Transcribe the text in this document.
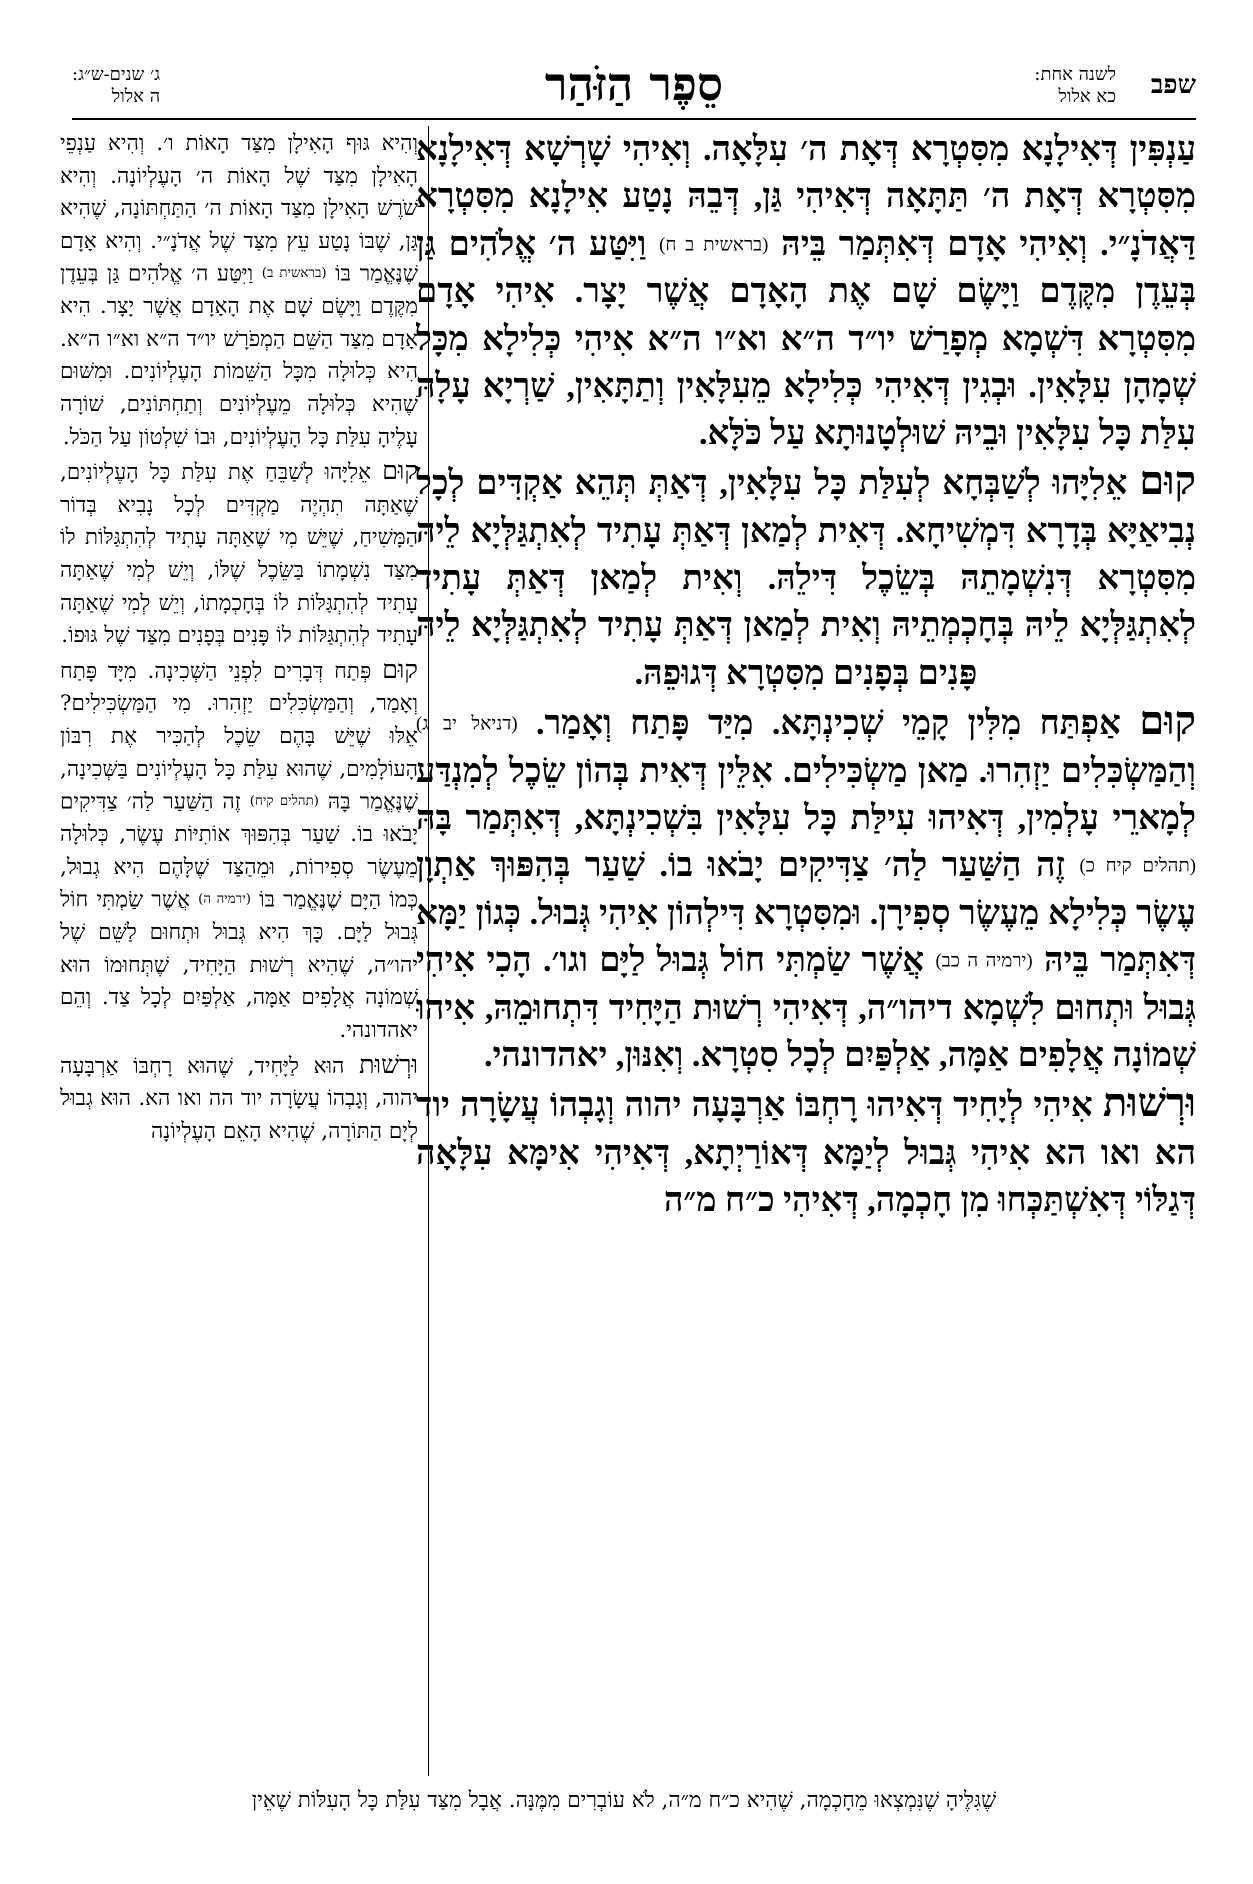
שפב
לשנה אחת:
כא אלול
סֵפֶר הַזֹּהַר
ג׳ שנים-ש״ג:
ה אלול

עַנְפִּין דְּאִילָנָא מִסִּטְרָא דְּאָת ה׳ עִלָּאָה. וְאִיהִי שָׁרְשָׁא דְּאִילָנָא מִסִּטְרָא דְּאָת ה׳ תַּתָּאָה דְּאִיהִי גַּן, דְּבֵהּ נָטַע אִילָנָא מִסִּטְרָא דַּאֲדֹנָ״י. וְאִיהִי אָדָם דְּאִתְּמַר בֵּיהּ (בראשית ב ח) וַיִּטַּע ה׳ אֱלֹהִים גַּן בְּעֵדֶן מִקֶּדֶם וַיָּשֶׂם שָׁם אֶת הָאָדָם אֲשֶׁר יָצָר. אִיהִי אָדָם מִסִּטְרָא דִּשְׁמָא מְפָרַשׁ יו״ד ה״א וא״ו ה״א אִיהִי כְּלִילָא מִכָּל שְׁמָהָן עִלָּאִין. וּבְגִין דְּאִיהִי כְּלִילָא מֵעִלָּאִין וְתַתָּאִין, שַׁרְיָא עָלָהּ עִלַּת כָּל עִלָּאִין וּבֵיהּ שׁוּלְטָנוּתָא עַל כֹּלָּא.

קוּם אֵלִיָּהוּ לְשַׁבְּחָא לְעִלַּת כָּל עִלָּאִין, דְּאַתְּ תְּהֵא אַקְדִּים לְכָל נְבִיאַיָּא בְּדָרָא דִּמְשִׁיחָא. דְּאִית לְמַאן דְּאַתְּ עָתִיד לְאִתְגַּלְּיָא לֵיהּ מִסִּטְרָא דְּנִשְׁמָתֵהּ בְּשֵׂכֶל דִּילֵהּ. וְאִית לְמַאן דְּאַתְּ עָתִיד לְאִתְגַּלְּיָא לֵיהּ בְּחָכְמְתֵיהּ וְאִית לְמַאן דְּאַתְּ עָתִיד לְאִתְגַּלְּיָא לֵיהּ פָּנִים בְּפָנִים מִסִּטְרָא דְּגוּפֵהּ.

קוּם אַפְתַּח מִלִּין קָמֵי שְׁכִינְתָּא. מִיַּד פָּתַח וְאָמַר. (דניאל יב ג) וְהַמַּשְׂכִּלִים יַזְהִרוּ. מַאן מַשְׂכִּילִים. אִלֵּין דְּאִית בְּהוֹן שֵׂכֶל לְמִנְדַּע לְמָארֵי עָלְמִין, דְּאִיהוּ עִילַּת כָּל עִלָּאִין בִּשְׁכִינְתָּא, דְּאִתְּמַר בָּהּ (תהלים קיח כ) זֶה הַשַּׁעַר לַה׳ צַדִּיקִים יָבֹאוּ בוֹ. שַׁעַר בְּהִפּוּךְ אַתְוָן עֶשֶׂר כְּלִילָא מֵעֶשֶׂר סְפִירָן. וּמִסִּטְרָא דִּילְהוֹן אִיהִי גְּבוּל. כְּגוֹן יַמָּא דְּאִתְּמַר בֵּיהּ (ירמיה ה כב) אֲשֶׁר שַׂמְתִּי חוֹל גְּבוּל לַיָּם וגו׳. הָכִי אִיהִי גְּבוּל וּתְחוּם לִשְׁמָא דיהו״ה, דְּאִיהִי רְשׁוּת הַיָּחִיד דִּתְחוּמֵהּ, אִיהוּ שְׁמוֹנָה אֲלָפִים אַמָּה, אַלְפַּיִם לְכָל סִטְרָא. וְאִנּוּן, יאהדונהי.

וּרְשׁוּת אִיהִי לְיָחִיד דְּאִיהוּ רָחְבּוֹ אַרְבָּעָה יהוה וְגָבְהוֹ עֲשָׂרָה יוד הא ואו הא אִיהִי גְּבוּל לְיַמָּא דְּאוֹרַיְתָא, דְּאִיהִי אִימָּא עִלָּאָה דְּגַלּוֹי דְּאִשְׁתַּכְּחוּ מִן חָכְמָה, דְּאִיהִי כ״ח מ״ה

וְהִיא גּוּף הָאִילָן מִצַּד הָאוֹת ו׳. וְהִיא עַנְפֵי הָאִילָן מִצַּד שֶׁל הָאוֹת ה׳ הָעֶלְיוֹנָה. וְהִיא שֹׁרֶשׁ הָאִילָן מִצַּד הָאוֹת ה׳ הַתַּחְתּוֹנָה, שֶׁהִיא גַּן, שֶׁבּוֹ נָטַע עֵץ מִצַּד שֶׁל אֲדֹנָ״י. וְהִיא אָדָם שֶׁנֶּאֱמַר בּוֹ (בראשית ב) וַיִּטַּע ה׳ אֱלֹהִים גַּן בְּעֵדֶן מִקֶּדֶם וַיָּשֶׂם שָׁם אֶת הָאָדָם אֲשֶׁר יָצָר. הִיא אָדָם מִצַּד הַשֵּׁם הַמְפֹרָשׁ יו״ד ה״א וא״ו ה״א. הִיא כְּלוּלָה מִכָּל הַשֵּׁמוֹת הָעֶלְיוֹנִים. וּמִשּׁוּם שֶׁהִיא כְּלוּלָה מֵעֶלְיוֹנִים וְתַחְתּוֹנִים, שׁוֹרָה עָלֶיהָ עִלַּת כָּל הָעֶלְיוֹנִים, וּבוֹ שִׁלְטוֹן עַל הַכֹּל.

קוּם אֵלִיָּהוּ לְשַׁבֵּחַ אֶת עִלַּת כָּל הָעֶלְיוֹנִים, שֶׁאַתָּה תִהְיֶה מַקְדִּים לְכָל נָבִיא בְּדוֹר הַמָּשִׁיחַ, שֶׁיֵּשׁ מִי שֶׁאַתָּה עָתִיד לְהִתְגַּלּוֹת לוֹ מִצַּד נִשְׁמָתוֹ בַּשֵּׂכֶל שֶׁלּוֹ, וְיֵשׁ לְמִי שֶׁאַתָּה עָתִיד לְהִתְגַּלּוֹת לוֹ בְּחָכְמָתוֹ, וְיֵשׁ לְמִי שֶׁאַתָּה עָתִיד לְהִתְגַּלּוֹת לוֹ פָּנִים בְּפָנִים מִצַּד שֶׁל גּוּפוֹ.

קוּם פְּתַח דְּבָרִים לִפְנֵי הַשְּׁכִינָה. מִיָּד פָּתַח וְאָמַר, וְהַמַּשְׂכִּלִים יַזְהִרוּ. מִי הַמַּשְׂכִּילִים? אֵלּוּ שֶׁיֵּשׁ בָּהֶם שֵׂכֶל לְהַכִּיר אֶת רִבּוֹן הָעוֹלָמִים, שֶׁהוּא עִלַּת כָּל הָעֶלְיוֹנִים בַּשְּׁכִינָה, שֶׁנֶּאֱמַר בָּהּ (תהלים קיח) זֶה הַשַּׁעַר לַה׳ צַדִּיקִים יָבֹאוּ בוֹ. שַׁעַר בְּהִפּוּךְ אוֹתִיּוֹת עֶשֶׂר, כְּלוּלָה מֵעֶשֶׂר סְפִירוֹת, וּמֵהַצַּד שֶׁלָּהֶם הִיא גְבוּל, כְּמוֹ הַיָּם שֶׁנֶּאֱמַר בּוֹ (ירמיה ה) אֲשֶׁר שַׂמְתִּי חוֹל גְּבוּל לַיָּם. כָּךְ הִיא גְּבוּל וּתְחוּם לַשֵּׁם שֶׁל יהו״ה, שֶׁהִיא רְשׁוּת הַיָּחִיד, שֶׁתְּחוּמוֹ הוּא שְׁמוֹנָה אֲלָפִים אַמָּה, אַלְפַּיִם לְכָל צַד. וְהֵם יאהדונהי.

וּרְשׁוּת הוּא לַיָּחִיד, שֶׁהוּא רָחְבּוֹ אַרְבָּעָה יהוה, וְגָבְהוֹ עֲשָׂרָה יוד הה ואו הא. הוּא גְבוּל לְיָם הַתּוֹרָה, שֶׁהִיא הָאֵם הָעֶלְיוֹנָה

שֶׁגִּלֶּיהָ שֶׁנִּמְצְאוּ מֵחָכְמָה, שֶׁהִיא כ״ח מ״ה, לֹא עוֹבְרִים מִמֶּנָּה. אֲבָל מִצַּד עִלַּת כָּל הָעִלּוֹת שֶׁאֵין
